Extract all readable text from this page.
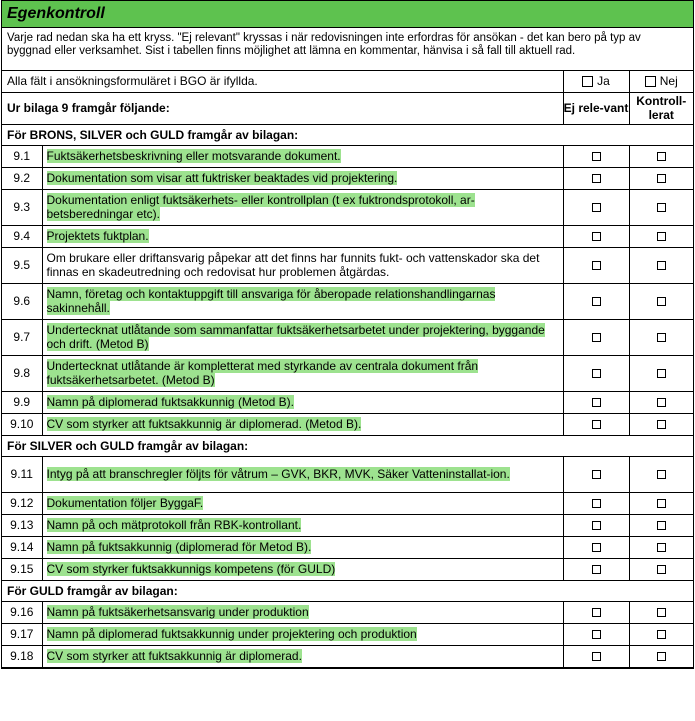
Egenkontroll
Varje rad nedan ska ha ett kryss. "Ej relevant" kryssas i när redovisningen inte erfordras för ansökan - det kan bero på typ av byggnad eller verksamhet. Sist i tabellen finns möjlighet att lämna en kommentar, hänvisa i så fall till aktuell rad.
Alla fält i ansökningsformuläret i BGO är ifyllda.		Ja	Nej

Ur bilaga 9 framgår följande:		Ej rele-vant	Kontroll-lerat
För BRONS, SILVER och GULD framgår av bilagan:			
9.1	Fuktsäkerhetsbeskrivning eller motsvarande dokument.		
9.2	Dokumentation som visar att fuktrisker beaktades vid projektering.		
9.3	Dokumentation enligt fuktsäkerhets- eller kontrollplan (t ex fuktrondsprotokoll, ar-betsberedningar etc).		
9.4	Projektets fuktplan.		
9.5	Om brukare eller driftansvarig påpekar att det finns har funnits fukt- och vattenskador ska det finnas en skadeutredning och redovisat hur problemen åtgärdas.		
9.6	Namn, företag och kontaktuppgift till ansvariga för åberopade relationshandlingarnas sakinnehåll.		
9.7	Undertecknat utlåtande som sammanfattar fuktsäkerhetsarbetet under projektering, byggande och drift. (Metod B)		
9.8	Undertecknat utlåtande är kompletterat med styrkande av centrala dokument från fuktsäkerhetsarbetet. (Metod B)		
9.9	Namn på diplomerad fuktsakkunnig (Metod B).		
9.10	CV som styrker att fuktsakkunnig är diplomerad. (Metod B).		
För SILVER och GULD framgår av bilagan:			
9.11	Intyg på att branschregler följts för våtrum – GVK, BKR, MVK, Säker Vatteninstallat-ion.		
9.12	Dokumentation följer ByggaF.		
9.13	Namn på och mätprotokoll från RBK-kontrollant.		
9.14	Namn på fuktsakkunnig (diplomerad för Metod B).		
9.15	CV som styrker fuktsakkunnigs kompetens (för GULD)		
För GULD framgår av bilagan:			
9.16	Namn på fuktsäkerhetsansvarig under produktion		
9.17	Namn på diplomerad fuktsakkunnig under projektering och produktion		
9.18	CV som styrker att fuktsakkunnig är diplomerad.		
